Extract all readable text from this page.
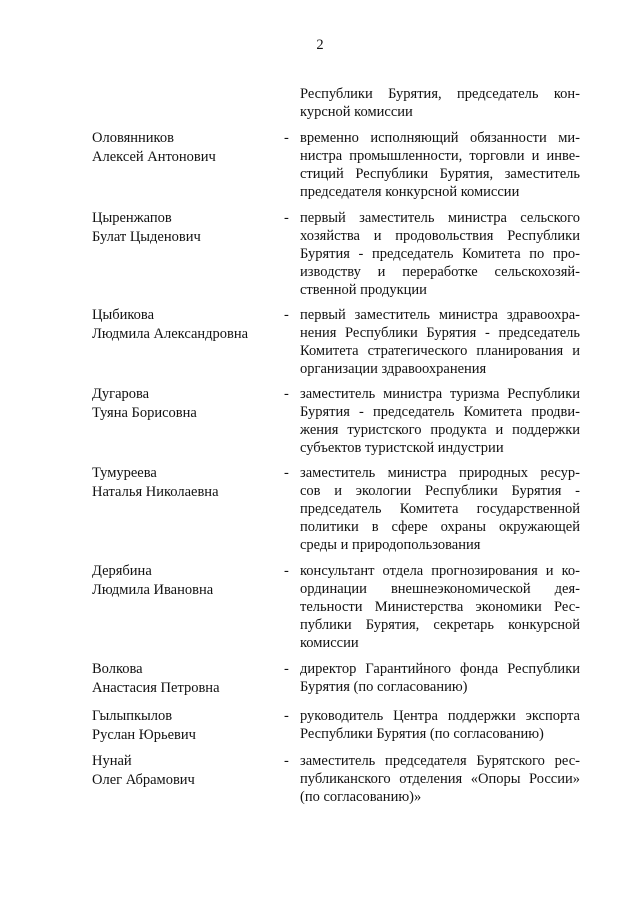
2
Республики Бурятия, председатель кон-
курсной комиссии
Оловянников
Алексей Антонович
- временно исполняющий обязанности ми-
нистра промышленности, торговли и инве-
стиций Республики Бурятия, заместитель
председателя конкурсной комиссии
Цыренжапов
Булат Цыденович
- первый заместитель министра сельского
хозяйства и продовольствия Республики
Бурятия - председатель Комитета по про-
изводству и переработке сельскохозяй-
ственной продукции
Цыбикова
Людмила Александровна
- первый заместитель министра здравоохра-
нения Республики Бурятия - председатель
Комитета стратегического планирования и
организации здравоохранения
Дугарова
Туяна Борисовна
- заместитель министра туризма Республики
Бурятия - председатель Комитета продви-
жения туристского продукта и поддержки
субъектов туристской индустрии
Тумуреева
Наталья Николаевна
- заместитель министра природных ресур-
сов и экологии Республики Бурятия -
председатель Комитета государственной
политики в сфере охраны окружающей
среды и природопользования
Дерябина
Людмила Ивановна
- консультант отдела прогнозирования и ко-
ординации внешнеэкономической дея-
тельности Министерства экономики Рес-
публики Бурятия, секретарь конкурсной
комиссии
Волкова
Анастасия Петровна
- директор Гарантийного фонда Республики
Бурятия (по согласованию)
Гылыпкылов
Руслан Юрьевич
- руководитель Центра поддержки экспорта
Республики Бурятия (по согласованию)
Нунай
Олег Абрамович
- заместитель председателя Бурятского рес-
публиканского отделения «Опоры России»
(по согласованию)»
